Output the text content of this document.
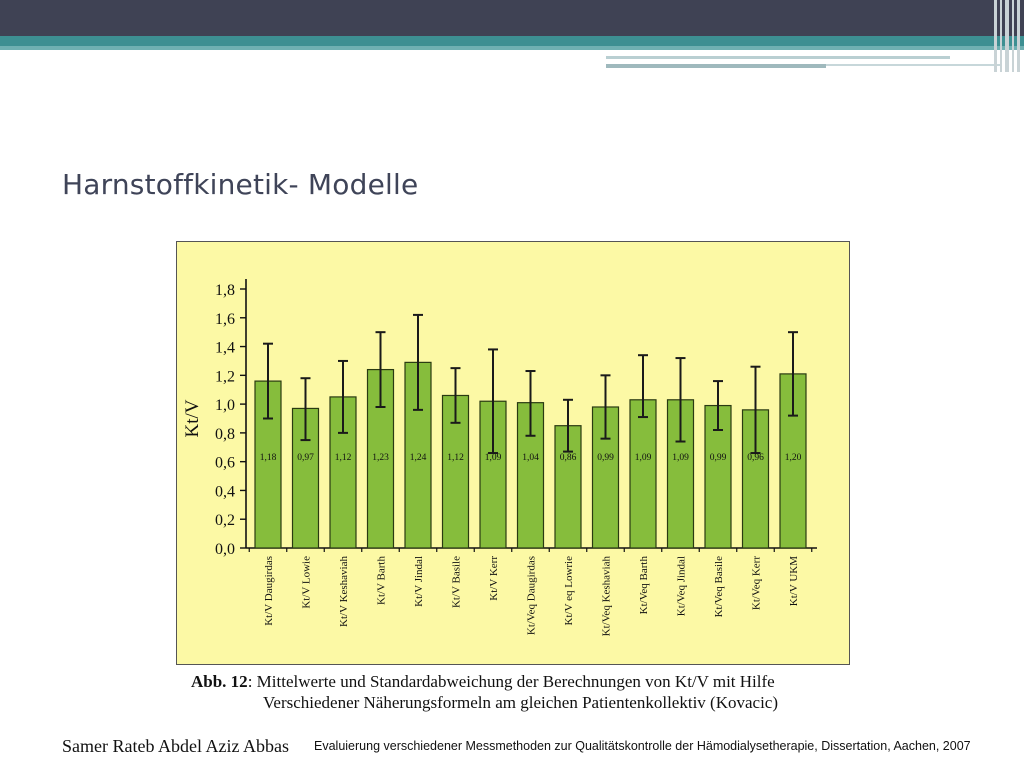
Harnstoffkinetik- Modelle
0,0
0,2
0,4
0,6
0,8
1,0
1,2
1,4
1,6
1,8
Kt/V
1,18
Kt/V Daugirdas
0,97
Kt/V Lowie
1,12
Kt/V Keshaviah
1,23
Kt/V Barth
1,24
Kt/V Jindal
1,12
Kt/V Basile
1,09
Kt/V Kerr
1,04
Kt/Veq Daugirdas
0,86
Kt/V eq Lowrie
0,99
Kt/Veq Keshaviah
1,09
Kt/Veq Barth
1,09
Kt/Veq Jindal
0,99
Kt/Veq Basile
0,96
Kt/Veq Kerr
1,20
Kt/V UKM
Abb. 12: Mittelwerte und Standardabweichung der Berechnungen von Kt/V mit Hilfe
Verschiedener Näherungsformeln am gleichen Patientenkollektiv (Kovacic)
Samer Rateb Abdel Aziz Abbas Evaluierung verschiedener Messmethoden zur Qualitätskontrolle der Hämodialysetherapie, Dissertation, Aachen, 2007
